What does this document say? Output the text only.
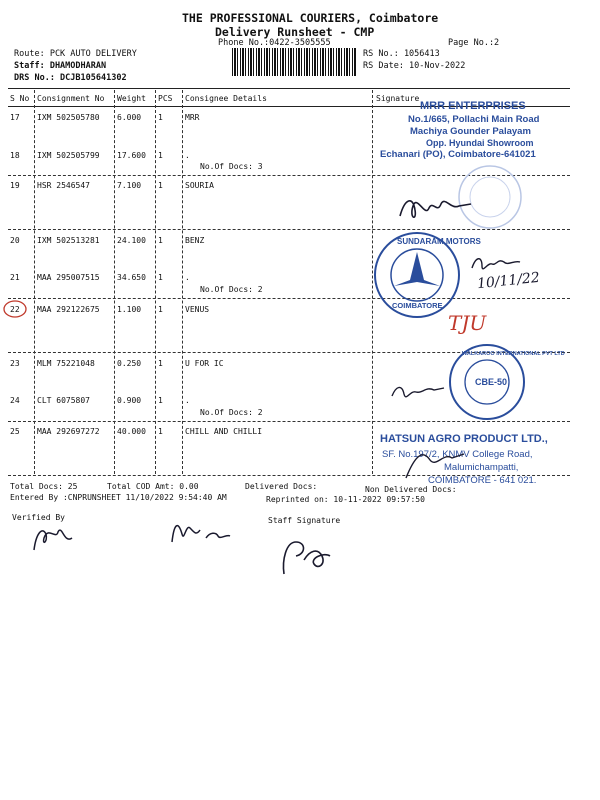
THE PROFESSIONAL COURIERS, Coimbatore
Delivery Runsheet - CMP
Phone No.:0422-3505555	Page No.:2
Route: PCK AUTO DELIVERY
Staff: DHAMODHARAN
DRS No.: DCJB105641302
RS No.: 1056413
RS Date: 10-Nov-2022
S No Consignment No Weight PCS Consignee Details	Signature
17 IXM 502505780 6.000 1	MRR
18 IXM 502505799 17.600 1	.
No.Of Docs: 3
19 HSR 2546547	7.100 1	SOURIA
20 IXM 502513281 24.100 1	BENZ
21 MAA 295007515 34.650 1	.
No.Of Docs: 2
22 MAA 292122675 1.100 1	VENUS
23 MLM 75221048	0.250 1	U FOR IC
24 CLT 6075807	0.900 1	.
No.Of Docs: 2
25 MAA 292697272 40.000 1	CHILL AND CHILLI
Total Docs: 25	Total COD Amt: 0.00	Delivered Docs:	Non Delivered Docs:
Entered By :CNPRUNSHEET 11/10/2022 9:54:40 AM	Reprinted on: 10-11-2022 09:57:50
Verified By	Staff Signature
MRR ENTERPRISES
No.1/665, Pollachi Main Road
Machiya Gounder Palayam
Opp. Hyundai Showroom
Echanari (PO), Coimbatore-641021
SUNDARAM MOTORS
COIMBATORE
10/11/22
TJU
WALKAROO INTERNATIONAL PVT LTD
CBE-50
HATSUN AGRO PRODUCT LTD.,
SF. No.197/2, KNMV College Road,
Malumichampatti,
COIMBATORE - 641 021.
